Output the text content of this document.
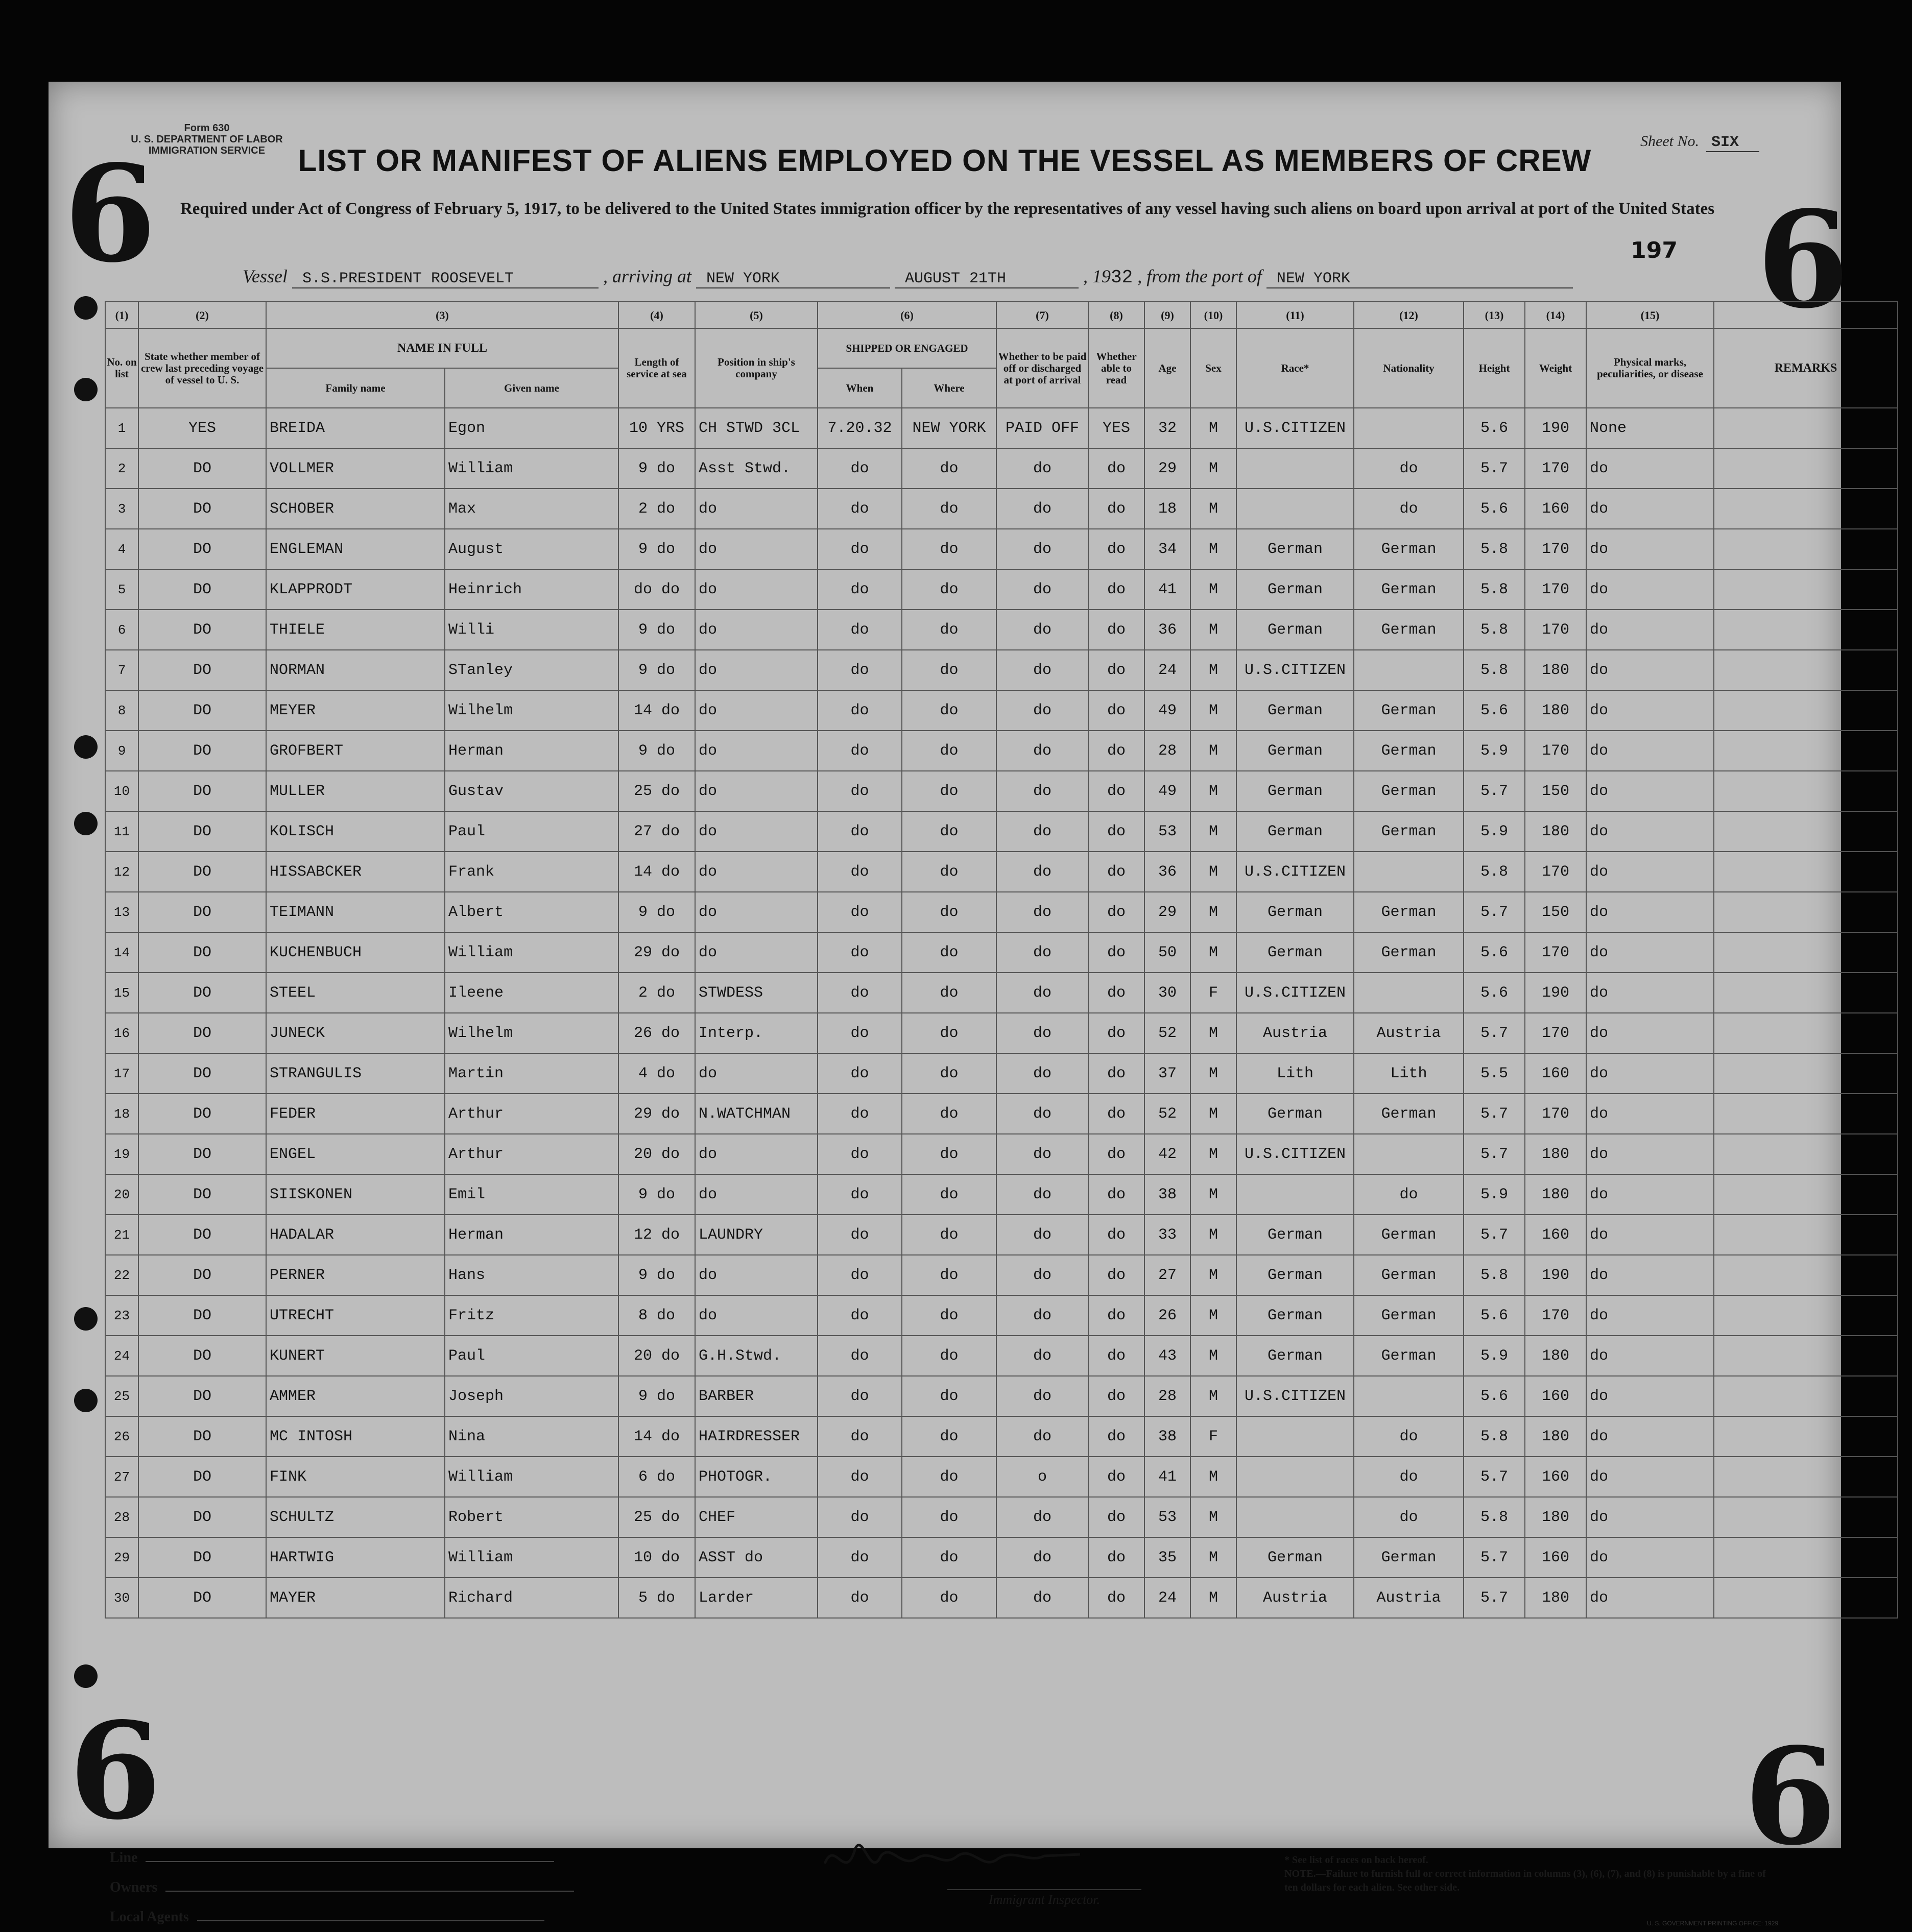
6	6
6	6
Form 630
U. S. DEPARTMENT OF LABOR
IMMIGRATION SERVICE
Sheet No. SIX
LIST OR MANIFEST OF ALIENS EMPLOYED ON THE VESSEL AS MEMBERS OF CREW
Required under Act of Congress of February 5, 1917, to be delivered to the United States immigration officer by the representatives of any vessel having such aliens on board upon arrival at port of the United States
197
Vessel S.S.PRESIDENT ROOSEVELT	, arriving at NEW YORK	AUGUST 21TH	, 1932 , from the port of NEW YORK
(1)	(2)	(3)		(4)	(5)	(6)		(7)	(8)	(9)	(10)	(11)	(12)	(13)	(14)	(15)	
No. on list	State whether member of crew last preceding voyage of vessel to U. S.	NAME IN FULL		Length of service at sea	Position in ship's company	SHIPPED OR ENGAGED		Whether to be paid off or discharged at port of arrival	Whether able to read	Age	Sex	Race*	Nationality	Height	Weight	Physical marks, peculiarities, or disease	REMARKS
		Family name	Given name			When	Where										
1	YES	BREIDA	Egon	10 YRS	CH STWD 3CL	7.20.32	NEW YORK	PAID OFF	YES	32	M	U.S.CITIZEN		5.6	190	None	
2	DO	VOLLMER	William	9 do	Asst Stwd.	do	do	do	do	29	M		do	5.7	170	do	
3	DO	SCHOBER	Max	2 do	do	do	do	do	do	18	M		do	5.6	160	do	
4	DO	ENGLEMAN	August	9 do	do	do	do	do	do	34	M	German	German	5.8	170	do	
5	DO	KLAPPRODT	Heinrich	do do	do	do	do	do	do	41	M	German	German	5.8	170	do	
6	DO	THIELE	Willi	9 do	do	do	do	do	do	36	M	German	German	5.8	170	do	
7	DO	NORMAN	STanley	9 do	do	do	do	do	do	24	M	U.S.CITIZEN		5.8	180	do	
8	DO	MEYER	Wilhelm	14 do	do	do	do	do	do	49	M	German	German	5.6	180	do	
9	DO	GROFBERT	Herman	9 do	do	do	do	do	do	28	M	German	German	5.9	170	do	
10	DO	MULLER	Gustav	25 do	do	do	do	do	do	49	M	German	German	5.7	150	do	
11	DO	KOLISCH	Paul	27 do	do	do	do	do	do	53	M	German	German	5.9	180	do	
12	DO	HISSABCKER	Frank	14 do	do	do	do	do	do	36	M	U.S.CITIZEN		5.8	170	do	
13	DO	TEIMANN	Albert	9 do	do	do	do	do	do	29	M	German	German	5.7	150	do	
14	DO	KUCHENBUCH	William	29 do	do	do	do	do	do	50	M	German	German	5.6	170	do	
15	DO	STEEL	Ileene	2 do	STWDESS	do	do	do	do	30	F	U.S.CITIZEN		5.6	190	do	
16	DO	JUNECK	Wilhelm	26 do	Interp.	do	do	do	do	52	M	Austria	Austria	5.7	170	do	
17	DO	STRANGULIS	Martin	4 do	do	do	do	do	do	37	M	Lith	Lith	5.5	160	do	
18	DO	FEDER	Arthur	29 do	N.WATCHMAN	do	do	do	do	52	M	German	German	5.7	170	do	
19	DO	ENGEL	Arthur	20 do	do	do	do	do	do	42	M	U.S.CITIZEN		5.7	180	do	
20	DO	SIISKONEN	Emil	9 do	do	do	do	do	do	38	M		do	5.9	180	do	
21	DO	HADALAR	Herman	12 do	LAUNDRY	do	do	do	do	33	M	German	German	5.7	160	do	
22	DO	PERNER	Hans	9 do	do	do	do	do	do	27	M	German	German	5.8	190	do	
23	DO	UTRECHT	Fritz	8 do	do	do	do	do	do	26	M	German	German	5.6	170	do	
24	DO	KUNERT	Paul	20 do	G.H.Stwd.	do	do	do	do	43	M	German	German	5.9	180	do	
25	DO	AMMER	Joseph	9 do	BARBER	do	do	do	do	28	M	U.S.CITIZEN		5.6	160	do	
26	DO	MC INTOSH	Nina	14 do	HAIRDRESSER	do	do	do	do	38	F		do	5.8	180	do	
27	DO	FINK	William	6 do	PHOTOGR.	do	do	o	do	41	M		do	5.7	160	do	
28	DO	SCHULTZ	Robert	25 do	CHEF	do	do	do	do	53	M		do	5.8	180	do	
29	DO	HARTWIG	William	10 do	ASST do	do	do	do	do	35	M	German	German	5.7	160	do	
30	DO	MAYER	Richard	5 do	Larder	do	do	do	do	24	M	Austria	Austria	5.7	180	do	
Line
Owners
Local Agents
Immigrant Inspector.
* See list of races on back hereof.
NOTE.—Failure to furnish full or correct information in columns (3), (6), (7), and (8) is punishable by a fine of ten dollars for each alien. See other side.
U. S. GOVERNMENT PRINTING OFFICE: 1929
